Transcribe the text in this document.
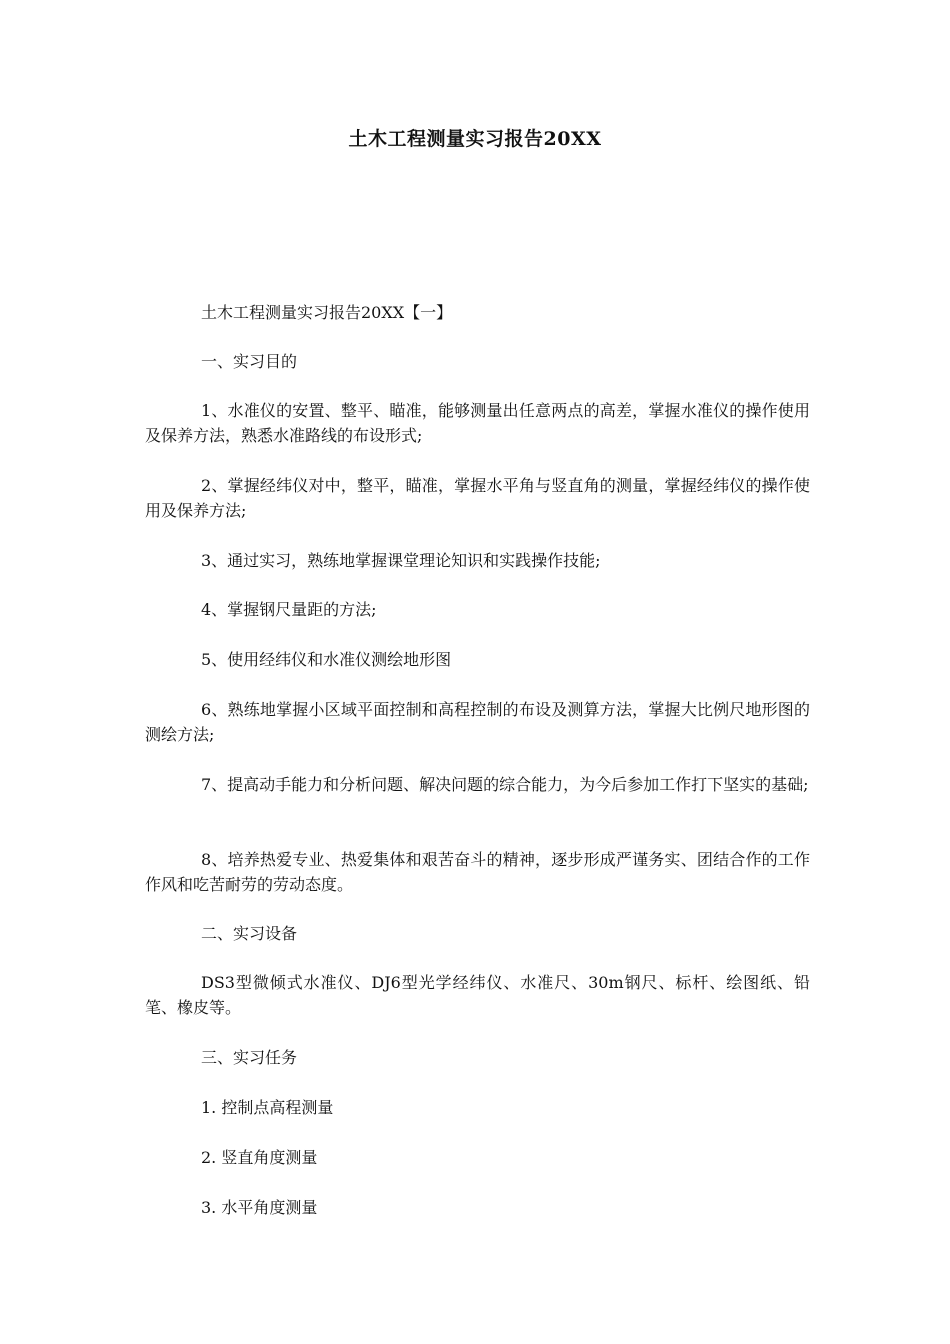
土木工程测量实习报告20XX

土木工程测量实习报告20XX【一】

一、实习目的

1、水准仪的安置、整平、瞄准，能够测量出任意两点的高差，掌握水准仪的操作使用及保养方法，熟悉水准路线的布设形式;

2、掌握经纬仪对中，整平，瞄准，掌握水平角与竖直角的测量，掌握经纬仪的操作使用及保养方法;

3、通过实习，熟练地掌握课堂理论知识和实践操作技能;

4、掌握钢尺量距的方法;

5、使用经纬仪和水准仪测绘地形图

6、熟练地掌握小区域平面控制和高程控制的布设及测算方法，掌握大比例尺地形图的测绘方法;

7、提高动手能力和分析问题、解决问题的综合能力，为今后参加工作打下坚实的基础;

8、培养热爱专业、热爱集体和艰苦奋斗的精神，逐步形成严谨务实、团结合作的工作作风和吃苦耐劳的劳动态度。

二、实习设备

DS3型微倾式水准仪、DJ6型光学经纬仪、水准尺、30m钢尺、标杆、绘图纸、铅笔、橡皮等。

三、实习任务

1. 控制点高程测量

2. 竖直角度测量

3. 水平角度测量
